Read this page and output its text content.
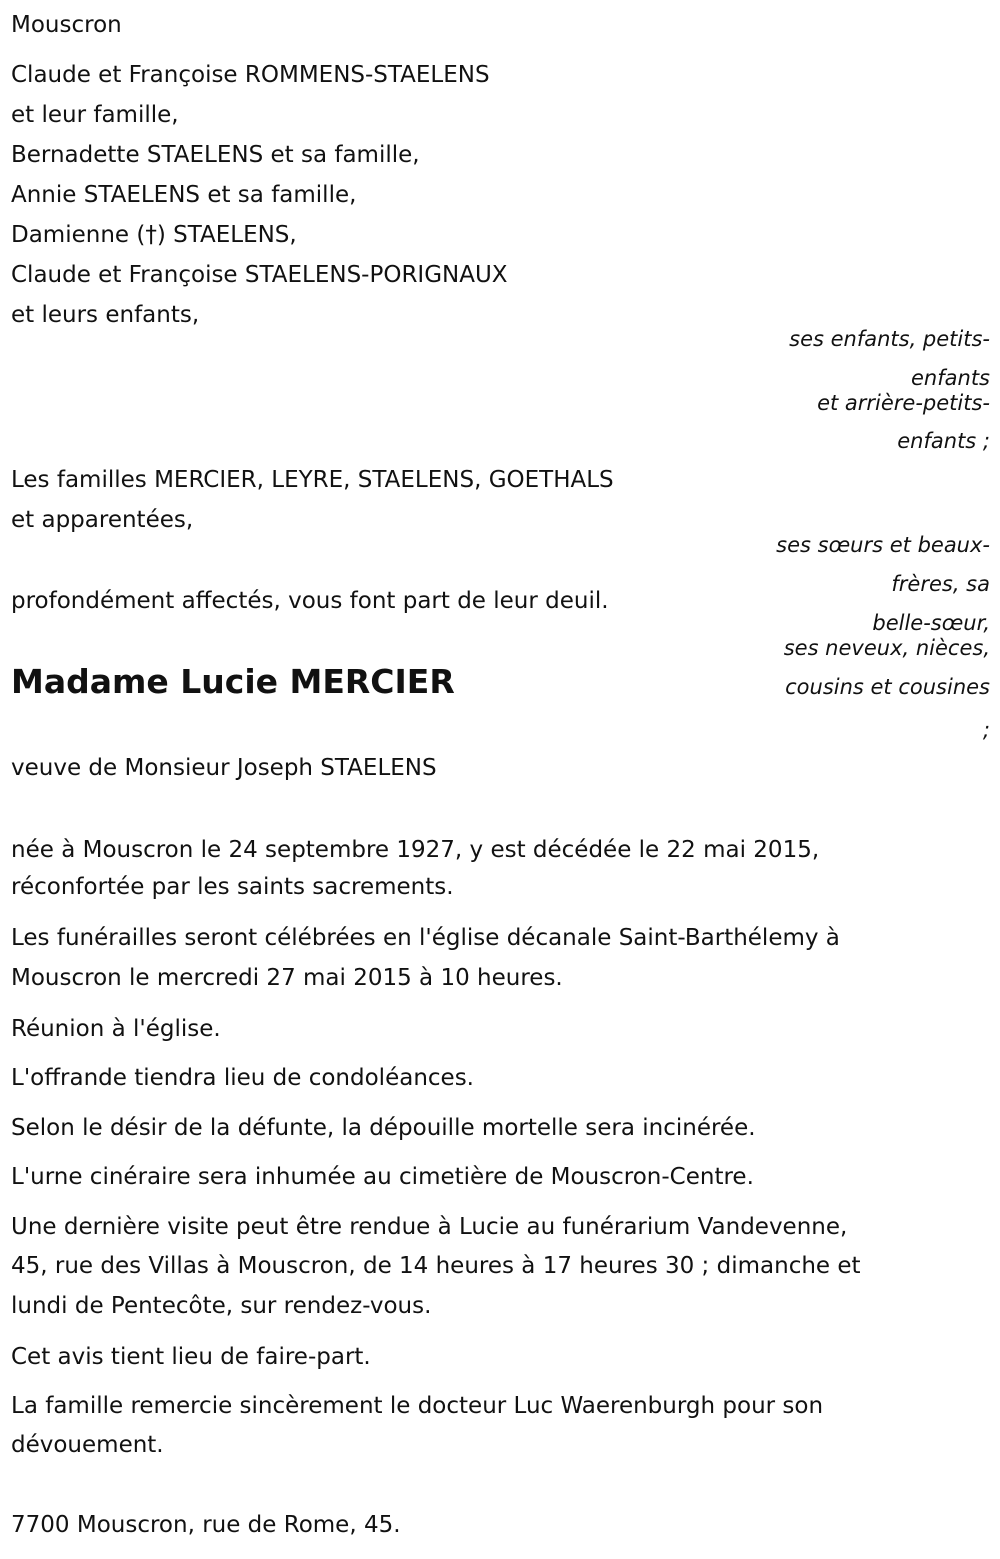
Mouscron
Claude et Françoise ROMMENS-STAELENS
et leur famille,
Bernadette STAELENS et sa famille,
Annie STAELENS et sa famille,
Damienne (†) STAELENS,
Claude et Françoise STAELENS-PORIGNAUX
et leurs enfants,
ses enfants, petits-
enfants
et arrière-petits-
enfants ;
Les familles MERCIER, LEYRE, STAELENS, GOETHALS
et apparentées,
ses sœurs et beaux-
frères, sa
belle-sœur,
ses neveux, nièces,
cousins et cousines
;
profondément affectés, vous font part de leur deuil.
Madame Lucie MERCIER
veuve de Monsieur Joseph STAELENS
née à Mouscron le 24 septembre 1927, y est décédée le 22 mai 2015,
réconfortée par les saints sacrements.
Les funérailles seront célébrées en l'église décanale Saint-Barthélemy à
Mouscron le mercredi 27 mai 2015 à 10 heures.
Réunion à l'église.
L'offrande tiendra lieu de condoléances.
Selon le désir de la défunte, la dépouille mortelle sera incinérée.
L'urne cinéraire sera inhumée au cimetière de Mouscron-Centre.
Une dernière visite peut être rendue à Lucie au funérarium Vandevenne,
45, rue des Villas à Mouscron, de 14 heures à 17 heures 30 ; dimanche et
lundi de Pentecôte, sur rendez-vous.
Cet avis tient lieu de faire-part.
La famille remercie sincèrement le docteur Luc Waerenburgh pour son
dévouement.
7700 Mouscron, rue de Rome, 45.
